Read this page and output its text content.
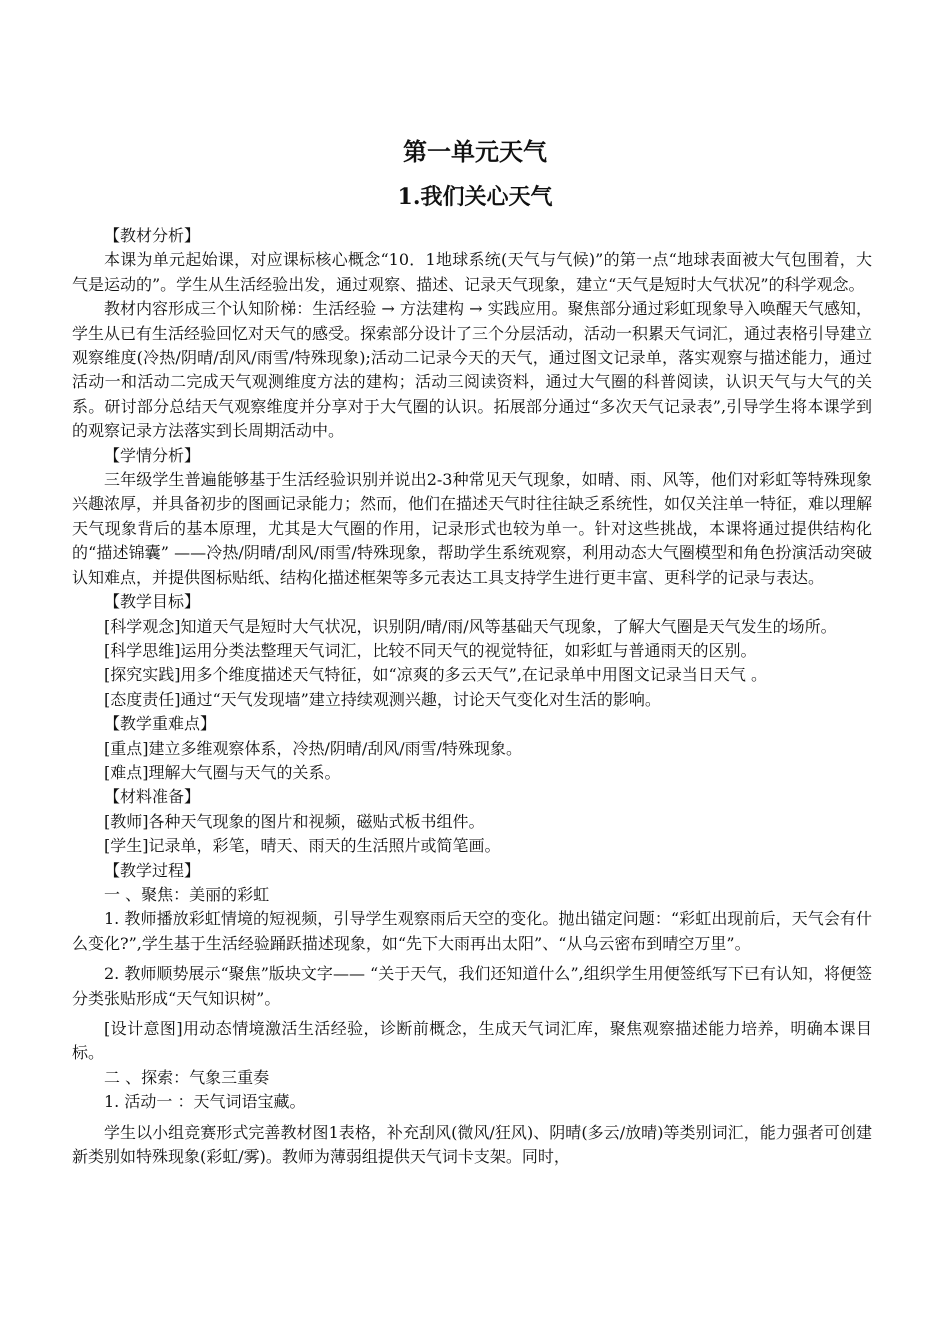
第一单元天气
1.我们关心天气

【教材分析】

本课为单元起始课，对应课标核心概念“10．1地球系统(天气与气候)”的第一点“地球表面被大气包围着，大气是运动的”。学生从生活经验出发，通过观察、描述、记录天气现象，建立“天气是短时大气状况”的科学观念。

教材内容形成三个认知阶梯：生活经验 → 方法建构 → 实践应用。聚焦部分通过彩虹现象导入唤醒天气感知，学生从已有生活经验回忆对天气的感受。探索部分设计了三个分层活动，活动一积累天气词汇，通过表格引导建立观察维度(冷热/阴晴/刮风/雨雪/特殊现象);活动二记录今天的天气，通过图文记录单，落实观察与描述能力，通过活动一和活动二完成天气观测维度方法的建构；活动三阅读资料，通过大气圈的科普阅读，认识天气与大气的关系。研讨部分总结天气观察维度并分享对于大气圈的认识。拓展部分通过“多次天气记录表”,引导学生将本课学到的观察记录方法落实到长周期活动中。

【学情分析】

三年级学生普遍能够基于生活经验识别并说出2-3种常见天气现象，如晴、雨、风等，他们对彩虹等特殊现象兴趣浓厚，并具备初步的图画记录能力；然而，他们在描述天气时往往缺乏系统性，如仅关注单一特征，难以理解天气现象背后的基本原理，尤其是大气圈的作用，记录形式也较为单一。针对这些挑战，本课将通过提供结构化的“描述锦囊” ——冷热/阴晴/刮风/雨雪/特殊现象，帮助学生系统观察，利用动态大气圈模型和角色扮演活动突破认知难点，并提供图标贴纸、结构化描述框架等多元表达工具支持学生进行更丰富、更科学的记录与表达。

【教学目标】

[科学观念]知道天气是短时大气状况，识别阴/晴/雨/风等基础天气现象，了解大气圈是天气发生的场所。

[科学思维]运用分类法整理天气词汇，比较不同天气的视觉特征，如彩虹与普通雨天的区别。

[探究实践]用多个维度描述天气特征，如“凉爽的多云天气”,在记录单中用图文记录当日天气 。

[态度责任]通过“天气发现墙”建立持续观测兴趣，讨论天气变化对生活的影响。

【教学重难点】

[重点]建立多维观察体系，冷热/阴晴/刮风/雨雪/特殊现象。

[难点]理解大气圈与天气的关系。

【材料准备】

[教师]各种天气现象的图片和视频，磁贴式板书组件。

[学生]记录单，彩笔，晴天、雨天的生活照片或简笔画。

【教学过程】

一 、聚焦：美丽的彩虹

1. 教师播放彩虹情境的短视频，引导学生观察雨后天空的变化。抛出锚定问题：“彩虹出现前后，天气会有什么变化?”,学生基于生活经验踊跃描述现象，如“先下大雨再出太阳”、“从乌云密布到晴空万里”。

2. 教师顺势展示“聚焦”版块文字—— “关于天气，我们还知道什么”,组织学生用便签纸写下已有认知，将便签分类张贴形成“天气知识树”。

[设计意图]用动态情境激活生活经验，诊断前概念，生成天气词汇库，聚焦观察描述能力培养，明确本课目标。

二 、探索：气象三重奏

1. 活动一 ：天气词语宝藏。

学生以小组竞赛形式完善教材图1表格，补充刮风(微风/狂风)、阴晴(多云/放晴)等类别词汇，能力强者可创建新类别如特殊现象(彩虹/雾)。教师为薄弱组提供天气词卡支架。同时，
